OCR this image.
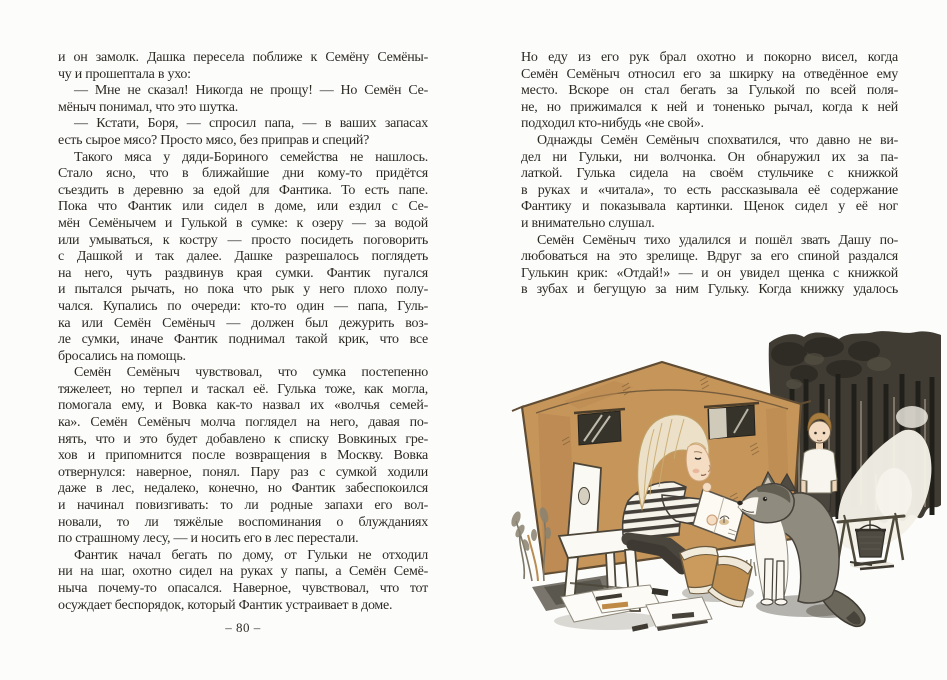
и он замолк. Дашка пересела поближе к Семёну Семёны-
чу и прошептала в ухо:
— Мне не сказал! Никогда не прощу! — Но Семён Се-
мёныч понимал, что это шутка.
— Кстати, Боря, — спросил папа, — в ваших запасах
есть сырое мясо? Просто мясо, без приправ и специй?
Такого мяса у дяди-Бориного семейства не нашлось.
Стало ясно, что в ближайшие дни кому-то придётся
съездить в деревню за едой для Фантика. То есть папе.
Пока что Фантик или сидел в доме, или ездил с Се-
мён Семёнычем и Гулькой в сумке: к озеру — за водой
или умываться, к костру — просто посидеть поговорить
с Дашкой и так далее. Дашке разрешалось поглядеть
на него, чуть раздвинув края сумки. Фантик пугался
и пытался рычать, но пока что рык у него плохо полу-
чался. Купались по очереди: кто-то один — папа, Гуль-
ка или Семён Семёныч — должен был дежурить воз-
ле сумки, иначе Фантик поднимал такой крик, что все
бросались на помощь.
Семён Семёныч чувствовал, что сумка постепенно
тяжелеет, но терпел и таскал её. Гулька тоже, как могла,
помогала ему, и Вовка как-то назвал их «волчья семей-
ка». Семён Семёныч молча поглядел на него, давая по-
нять, что и это будет добавлено к списку Вовкиных гре-
хов и припомнится после возвращения в Москву. Вовка
отвернулся: наверное, понял. Пару раз с сумкой ходили
даже в лес, недалеко, конечно, но Фантик забеспокоился
и начинал повизгивать: то ли родные запахи его вол-
новали, то ли тяжёлые воспоминания о блужданиях
по страшному лесу, — и носить его в лес перестали.
Фантик начал бегать по дому, от Гульки не отходил
ни на шаг, охотно сидел на руках у папы, а Семён Семё-
ныча почему-то опасался. Наверное, чувствовал, что тот
осуждает беспорядок, который Фантик устраивает в доме.
– 80 –
Но еду из его рук брал охотно и покорно висел, когда
Семён Семёныч относил его за шкирку на отведённое ему
место. Вскоре он стал бегать за Гулькой по всей поля-
не, но прижимался к ней и тоненько рычал, когда к ней
подходил кто-нибудь «не свой».
Однажды Семён Семёныч спохватился, что давно не ви-
дел ни Гульки, ни волчонка. Он обнаружил их за па-
латкой. Гулька сидела на своём стульчике с книжкой
в руках и «читала», то есть рассказывала её содержание
Фантику и показывала картинки. Щенок сидел у её ног
и внимательно слушал.
Семён Семёныч тихо удалился и пошёл звать Дашу по-
любоваться на это зрелище. Вдруг за его спиной раздался
Гулькин крик: «Отдай!» — и он увидел щенка с книжкой
в зубах и бегущую за ним Гульку. Когда книжку удалось
